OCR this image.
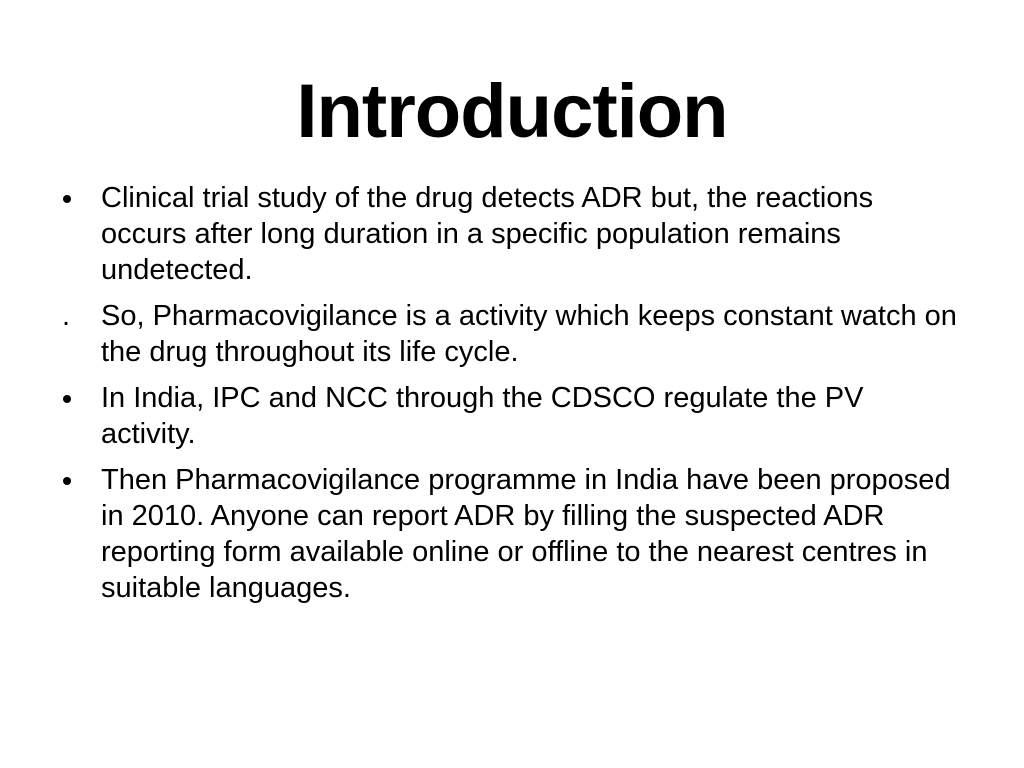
Introduction
Clinical trial study of the drug detects ADR but, the reactions occurs after long duration in a specific population remains undetected.
.	So, Pharmacovigilance is a activity which keeps constant watch on the drug throughout its life cycle.
In India, IPC and NCC through the CDSCO regulate the PV activity.
Then Pharmacovigilance programme in India have been proposed in 2010. Anyone can report ADR by filling the suspected ADR reporting form available online or offline to the nearest centres in suitable languages.
